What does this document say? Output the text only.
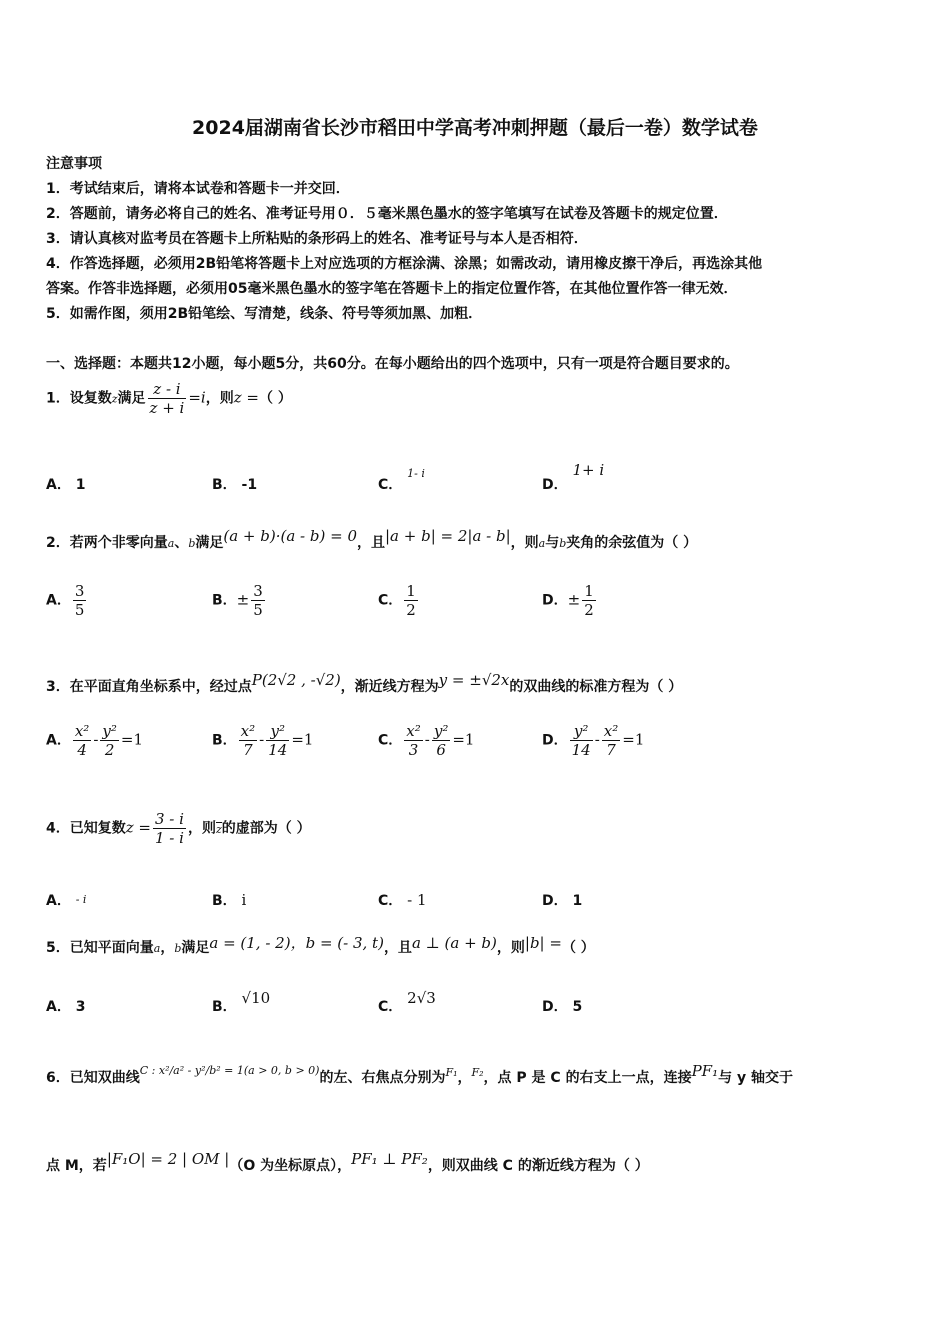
2024届湖南省长沙市稻田中学高考冲刺押题（最后一卷）数学试卷
注意事项
1．考试结束后，请将本试卷和答题卡一并交回．
2．答题前，请务必将自己的姓名、准考证号用０．５毫米黑色墨水的签字笔填写在试卷及答题卡的规定位置．
3．请认真核对监考员在答题卡上所粘贴的条形码上的姓名、准考证号与本人是否相符．
4．作答选择题，必须用2B铅笔将答题卡上对应选项的方框涂满、涂黑；如需改动，请用橡皮擦干净后，再选涂其他
答案。作答非选择题，必须用05毫米黑色墨水的签字笔在答题卡上的指定位置作答，在其他位置作答一律无效．
5．如需作图，须用2B铅笔绘、写清楚，线条、符号等须加黑、加粗．
一、选择题：本题共12小题，每小题5分，共60分。在每小题给出的四个选项中，只有一项是符合题目要求的。
1．设复数z满足 $\frac{z - i}{z + i} =i$，则z =（ ）
A． 1	B． -1	C． $^{1- i}$
D． 1+ i
2．若两个非零向量a、b满足(a + b)·(a - b) = 0，且|a + b| = 2|a - b|，则a与b夹角的余弦值为（ ）
A． $\frac{3}{5}$	B．± $\frac{3}{5}$	C． $\frac{1}{2}$	D．± $\frac{1}{2}$
3．在平面直角坐标系中，经过点P(2√2 , -√2)，渐近线方程为y = ±√2x的双曲线的标准方程为（ ）
A． $\frac{\text{x²}}{4} - \frac{\text{y²}}{2} =1$	B． $\frac{\text{x²}}{7} - \frac{\text{y²}}{14} =1$	C． $\frac{\text{x²}}{3} - \frac{\text{y²}}{6} =1$	D． $\frac{\text{y²}}{14} - \frac{\text{x²}}{7} =1$
4．已知复数$z = \frac{3 - i}{1 - i}$ ，则z的虚部为（ ）
A． - i	B． i	C． - 1	D． 1
5．已知平面向量a，b满足a = (1, - 2)，b = (- 3, t)，且a ⊥ (a + b)，则|b| =（ ）
A． 3	B． √10	C． 2√3	D． 5
6．已知双曲线$^{C : x^2/a^2 - y^2/b^2 = 1(a > 0, b > 0)}$的左、右焦点分别为$^{F_1}$，$^{F_2}$，点 P 是 C 的右支上一点，连接PF₁与 y 轴交于
点 M，若|F₁O| = 2 | OM |（O 为坐标原点），PF₁ ⊥ PF₂，则双曲线 C 的渐近线方程为（ ）
